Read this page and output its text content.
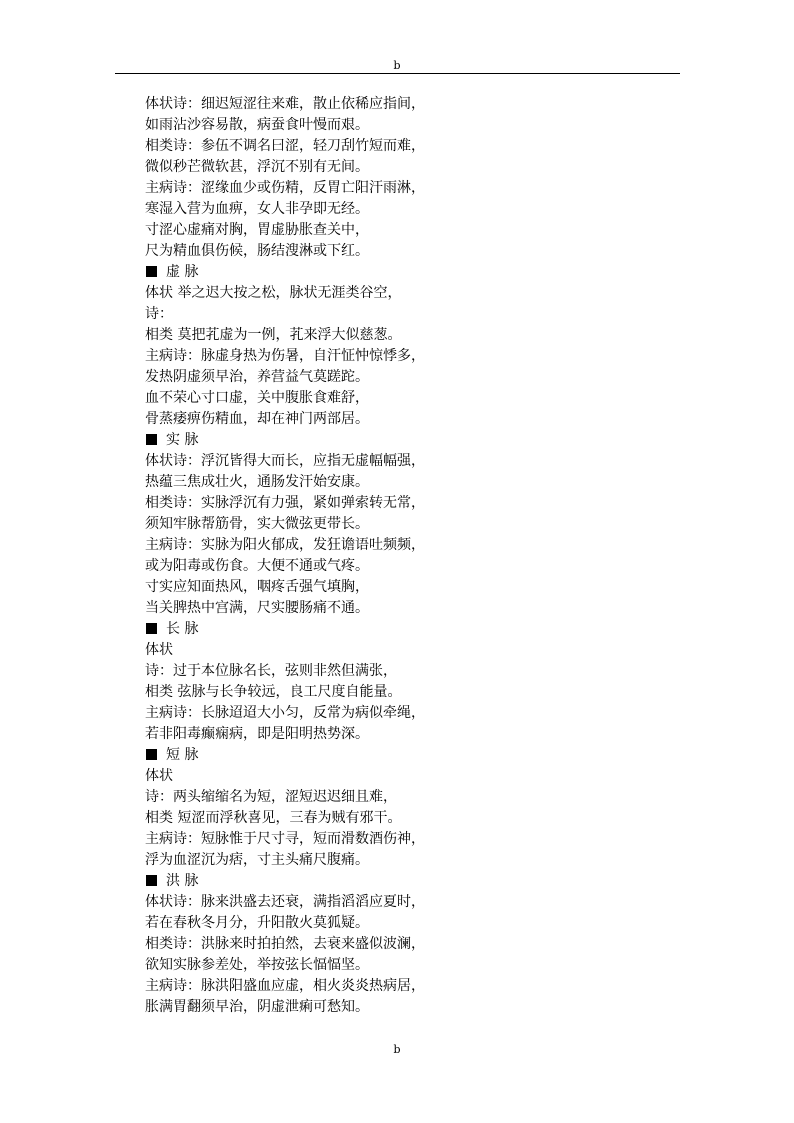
b
体状诗：细迟短涩往来难，散止依稀应指间，
如雨沾沙容易散，病蚕食叶慢而艰。
相类诗：参伍不调名曰涩，轻刀刮竹短而难，
微似秒芒微软甚，浮沉不别有无间。
主病诗：涩缘血少或伤精，反胃亡阳汗雨淋，
寒湿入营为血痹，女人非孕即无经。
寸涩心虚痛对胸，胃虚胁胀查关中，
尺为精血俱伤候，肠结溲淋或下红。
虚 脉
体状 举之迟大按之松，脉状无涯类谷空，
诗：
相类 莫把芤虚为一例，芤来浮大似慈葱。
主病诗：脉虚身热为伤暑，自汗怔忡惊悸多，
发热阴虚须早治，养营益气莫蹉跎。
血不荣心寸口虚，关中腹胀食难舒，
骨蒸痿痹伤精血，却在神门两部居。
实 脉
体状诗：浮沉皆得大而长，应指无虚幅幅强，
热蕴三焦成壮火，通肠发汗始安康。
相类诗：实脉浮沉有力强，紧如弹索转无常，
须知牢脉帮筋骨，实大微弦更带长。
主病诗：实脉为阳火郁成，发狂谵语吐频频，
或为阳毒或伤食。大便不通或气疼。
寸实应知面热风，咽疼舌强气填胸，
当关脾热中宫满，尺实腰肠痛不通。
长 脉
体状
诗：过于本位脉名长，弦则非然但满张，
相类 弦脉与长争较远，良工尺度自能量。
主病诗：长脉迢迢大小匀，反常为病似牵绳，
若非阳毒癫痫病，即是阳明热势深。
短 脉
体状
诗：两头缩缩名为短，涩短迟迟细且难，
相类 短涩而浮秋喜见，三春为贼有邪干。
主病诗：短脉惟于尺寸寻，短而滑数酒伤神，
浮为血涩沉为痞，寸主头痛尺腹痛。
洪 脉
体状诗：脉来洪盛去还衰，满指滔滔应夏时，
若在春秋冬月分，升阳散火莫狐疑。
相类诗：洪脉来时拍拍然，去衰来盛似波澜，
欲知实脉参差处，举按弦长愊愊坚。
主病诗：脉洪阳盛血应虚，相火炎炎热病居，
胀满胃翻须早治，阴虚泄痢可愁知。
b
